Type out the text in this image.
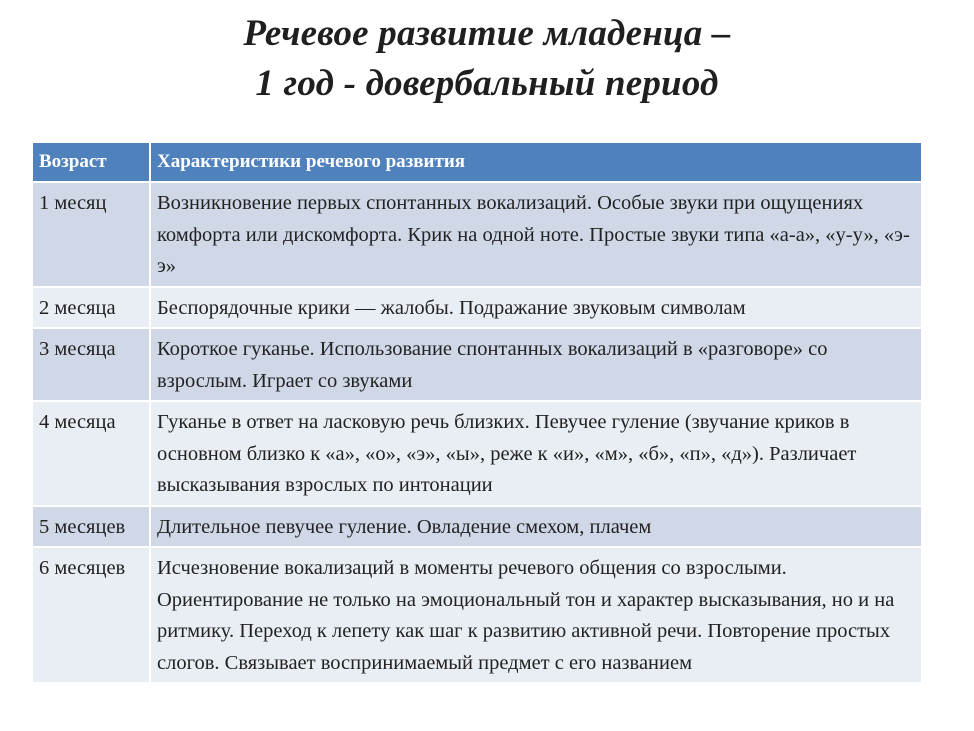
Речевое развитие младенца –
1 год - довербальный период
Возраст	Характеристики речевого развития
1 месяц	Возникновение первых спонтанных вокализаций. Особые звуки при ощущениях комфорта или дискомфорта. Крик на одной ноте. Простые звуки типа «а-а», «у-у», «э-э»
2 месяца	Беспорядочные крики — жалобы. Подражание звуковым символам
3 месяца	Короткое гуканье. Использование спонтанных вокализаций в «разговоре» со взрослым. Играет со звуками
4 месяца	Гуканье в ответ на ласковую речь близких. Певучее гуление (звучание криков в основном близко к «а», «о», «э», «ы», реже к «и», «м», «б», «п», «д»). Различает высказывания взрослых по интонации
5 месяцев	Длительное певучее гуление. Овладение смехом, плачем
6 месяцев	Исчезновение вокализаций в моменты речевого общения со взрослыми. Ориентирование не только на эмоциональный тон и характер высказывания, но и на ритмику. Переход к лепету как шаг к развитию активной речи. Повторение простых слогов. Связывает воспринимаемый предмет с его названием
